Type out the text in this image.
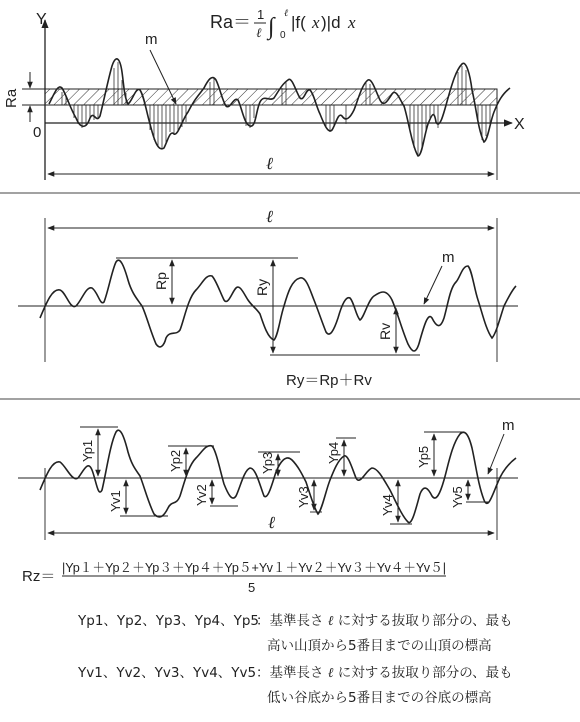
Y
X
0
Ra
m
ℓ
Ra＝ 1
ℓ ∫
ℓ
0
|f( x )|d x
ℓ
Rp	Ry
Rv
m
Ry＝Rp＋Rv
Yp1	Yp2	Yp3	Yp4	Yp5
Yv1	Yv2	Yv3	Yv4	Yv5
m
ℓ
Rz＝
|Yp１＋Yp２＋Yp３＋Yp４＋Yp５+Yv１＋Yv２＋Yv３＋Yv４＋Yv５|
5
Yp1、Yp2、Yp3、Yp4、Yp5
：基準長さ ℓ に対する抜取り部分の、最も
高い山頂から5番目までの山頂の標高
Yv1、Yv2、Yv3、Yv4、Yv5 ：基準長さ ℓ に対する抜取り部分の、最も
低い谷底から5番目までの谷底の標高
